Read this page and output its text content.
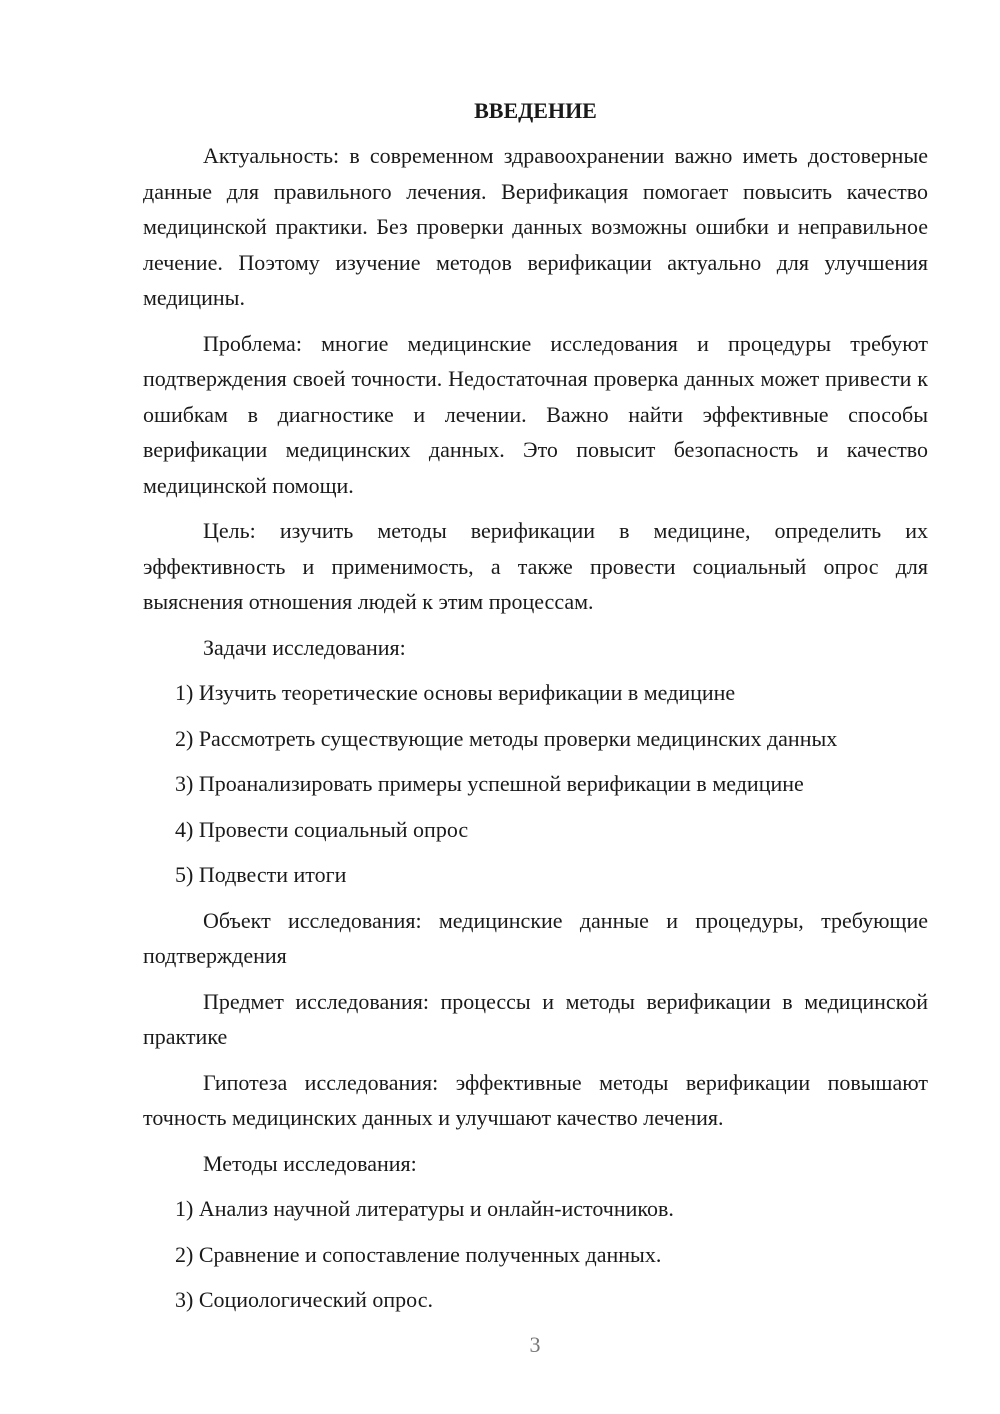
ВВЕДЕНИЕ

Актуальность: в современном здравоохранении важно иметь достоверные данные для правильного лечения. Верификация помогает повысить качество медицинской практики. Без проверки данных возможны ошибки и неправильное лечение. Поэтому изучение методов верификации актуально для улучшения медицины.

Проблема: многие медицинские исследования и процедуры требуют подтверждения своей точности. Недостаточная проверка данных может привести к ошибкам в диагностике и лечении. Важно найти эффективные способы верификации медицинских данных. Это повысит безопасность и качество медицинской помощи.

Цель: изучить методы верификации в медицине, определить их эффективность и применимость, а также провести социальный опрос для выяснения отношения людей к этим процессам.

Задачи исследования:

1) Изучить теоретические основы верификации в медицине
2) Рассмотреть существующие методы проверки медицинских данных
3) Проанализировать примеры успешной верификации в медицине
4) Провести социальный опрос
5) Подвести итоги

Объект исследования: медицинские данные и процедуры, требующие подтверждения

Предмет исследования: процессы и методы верификации в медицинской практике

Гипотеза исследования: эффективные методы верификации повышают точность медицинских данных и улучшают качество лечения.

Методы исследования:

1) Анализ научной литературы и онлайн-источников.
2) Сравнение и сопоставление полученных данных.
3) Социологический опрос.
3
